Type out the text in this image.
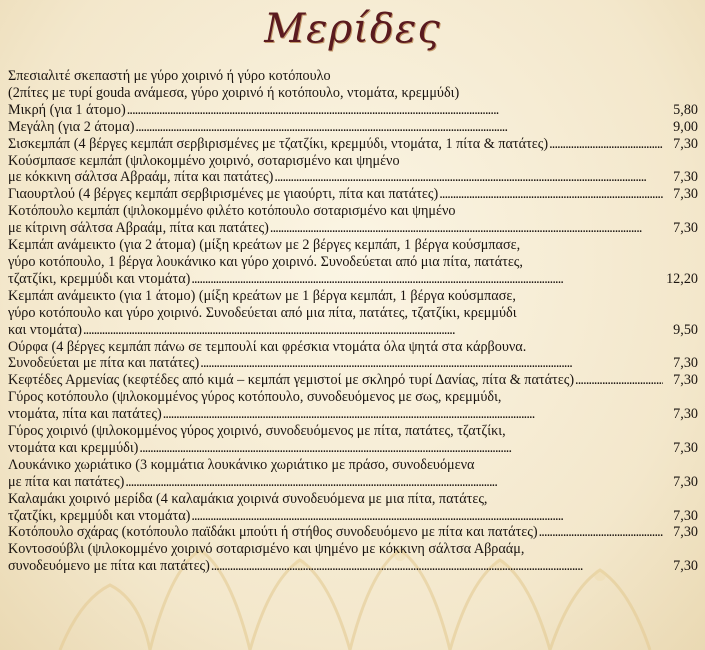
Μερίδες
Σπεσιαλιτέ σκεπαστή με γύρο χοιρινό ή γύρο κοτόπουλο
(2πίτες με τυρί gouda ανάμεσα, γύρο χοιρινό ή κοτόπουλο, ντομάτα, κρεμμύδι)
Μικρή (για 1 άτομο) . . .	5,80
Μεγάλη (για 2 άτομα) . . .	9,00
Σισκεμπάπ (4 βέργες κεμπάπ σερβιρισμένες με τζατζίκι, κρεμμύδι, ντομάτα, 1 πίτα & πατάτες) . . .	7,30
Κούσμπασε κεμπάπ (ψιλοκομμένο χοιρινό, σοταρισμένο και ψημένο
με κόκκινη σάλτσα Αβραάμ, πίτα και πατάτες) . . .	7,30
Γιαουρτλού (4 βέργες κεμπάπ σερβιρισμένες με γιαούρτι, πίτα και πατάτες) . . .	7,30
Κοτόπουλο κεμπάπ (ψιλοκομμένο φιλέτο κοτόπουλο σοταρισμένο και ψημένο
με κίτρινη σάλτσα Αβραάμ, πίτα και πατάτες) . . .	7,30
Κεμπάπ ανάμεικτο (για 2 άτομα) (μίξη κρεάτων με 2 βέργες κεμπάπ, 1 βέργα κούσμπασε,
γύρο κοτόπουλο, 1 βέργα λουκάνικο και γύρο χοιρινό. Συνοδεύεται από μια πίτα, πατάτες,
τζατζίκι, κρεμμύδι και ντομάτα) . . .	12,20
Κεμπάπ ανάμεικτο (για 1 άτομο) (μίξη κρεάτων με 1 βέργα κεμπάπ, 1 βέργα κούσμπασε,
γύρο κοτόπουλο και γύρο χοιρινό. Συνοδεύεται από μια πίτα, πατάτες, τζατζίκι, κρεμμύδι
και ντομάτα) . . .	9,50
Ούρφα (4 βέργες κεμπάπ πάνω σε τεμπουλί και φρέσκια ντομάτα όλα ψητά στα κάρβουνα.
Συνοδεύεται με πίτα και πατάτες) . . .	7,30
Κεφτέδες Αρμενίας (κεφτέδες από κιμά – κεμπάπ γεμιστοί με σκληρό τυρί Δανίας, πίτα & πατάτες) . . .	7,30
Γύρος κοτόπουλο (ψιλοκομμένος γύρος κοτόπουλο, συνοδευόμενος με σως, κρεμμύδι,
ντομάτα, πίτα και πατάτες) . . .	7,30
Γύρος χοιρινό (ψιλοκομμένος γύρος χοιρινό, συνοδευόμενος με πίτα, πατάτες, τζατζίκι,
ντομάτα και κρεμμύδι) . . .	7,30
Λουκάνικο χωριάτικο (3 κομμάτια λουκάνικο χωριάτικο με πράσο, συνοδευόμενα
με πίτα και πατάτες) . . .	7,30
Καλαμάκι χοιρινό μερίδα (4 καλαμάκια χοιρινά συνοδευόμενα με μια πίτα, πατάτες,
τζατζίκι, κρεμμύδι και ντομάτα) . . .	7,30
Κοτόπουλο σχάρας (κοτόπουλο παϊδάκι μπούτι ή στήθος συνοδευόμενο με πίτα και πατάτες) . . .	7,30
Κοντοσούβλι (ψιλοκομμένο χοιρινό σοταρισμένο και ψημένο με κόκκινη σάλτσα Αβραάμ,
συνοδευόμενο με πίτα και πατάτες) . . .	7,30
